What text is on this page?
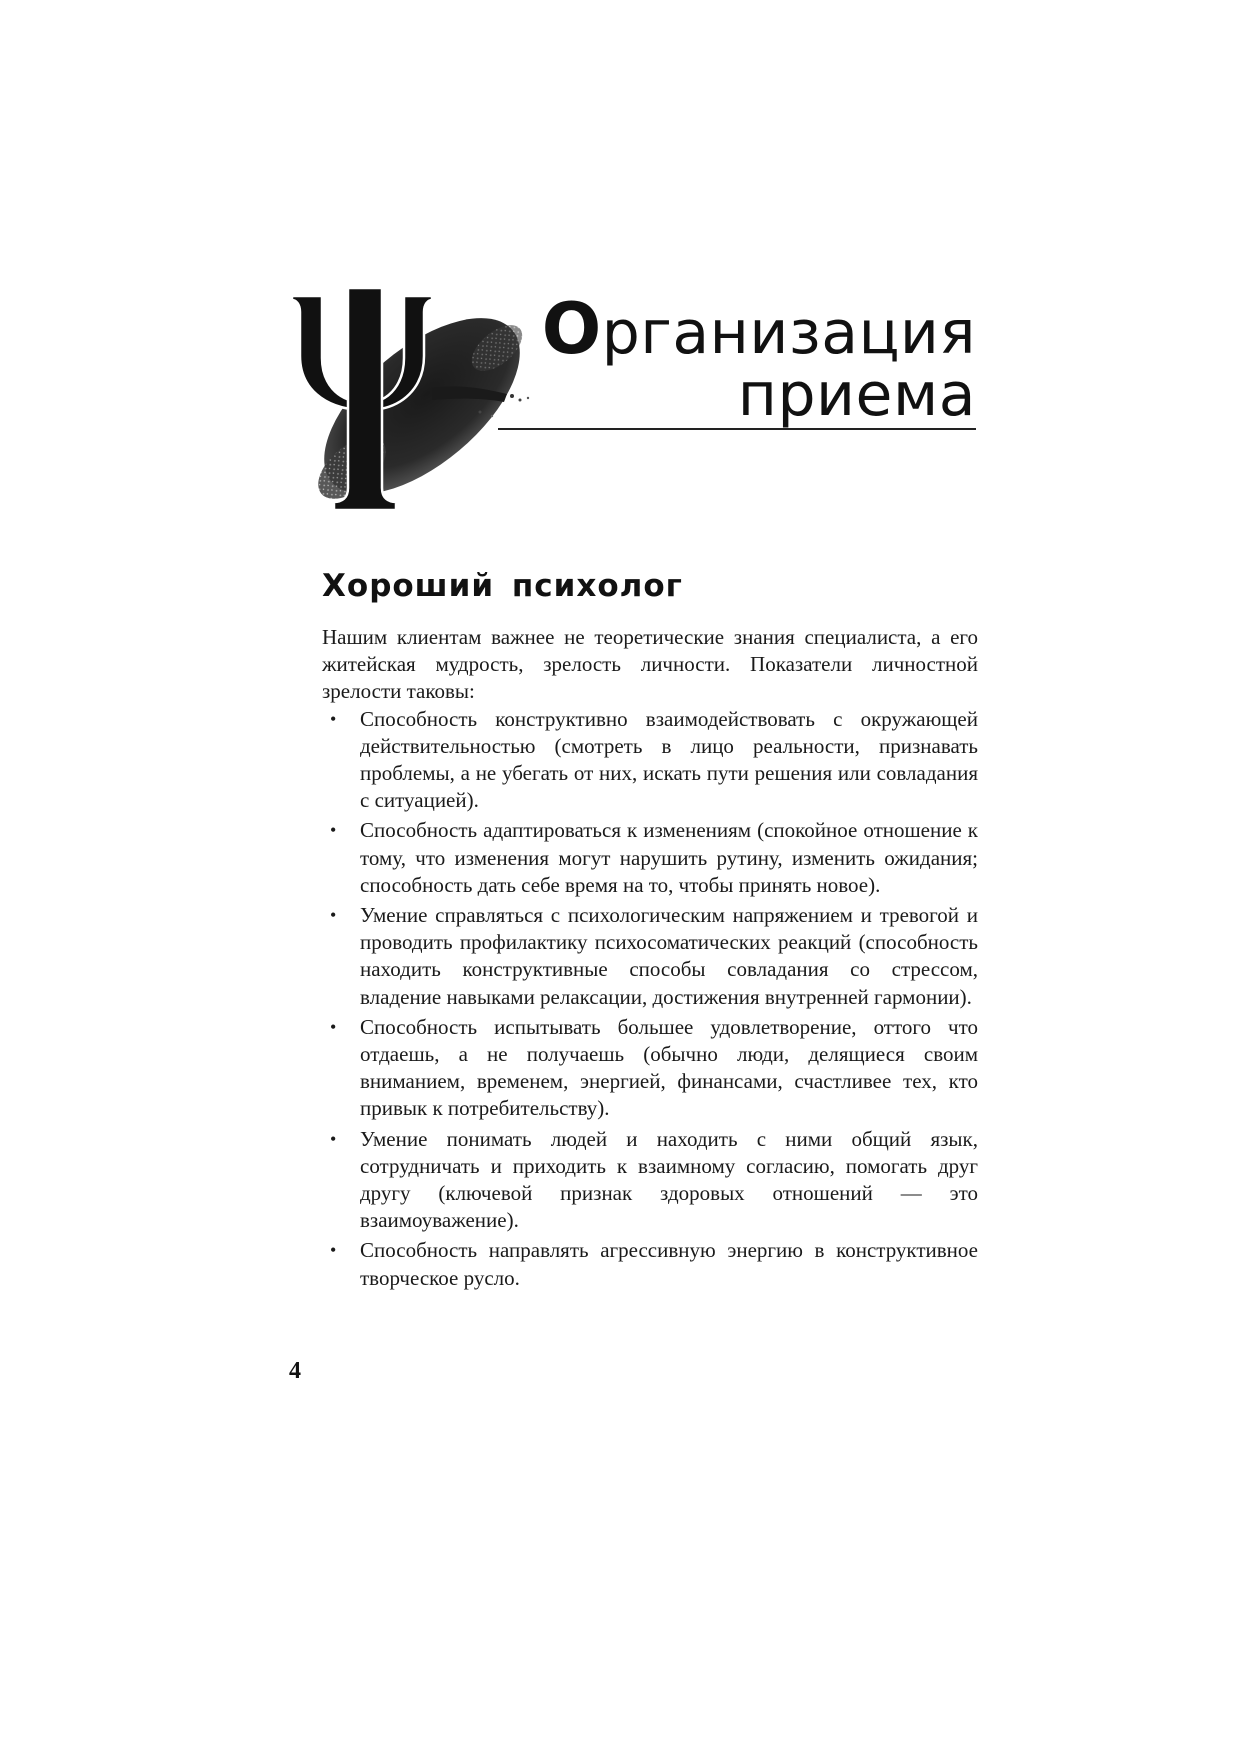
Организация
приема
Хороший психолог

Нашим клиентам важнее не теоретические знания специалиста, а его житейская мудрость, зрелость личности. Показатели личностной зрелости таковы:

• Способность конструктивно взаимодействовать с окружающей действительностью (смотреть в лицо реальности, признавать проблемы, а не убегать от них, искать пути решения или совладания с ситуацией).
• Способность адаптироваться к изменениям (спокойное отношение к тому, что изменения могут нарушить рутину, изменить ожидания; способность дать себе время на то, чтобы принять новое).
• Умение справляться с психологическим напряжением и тревогой и проводить профилактику психосоматических реакций (способность находить конструктивные способы совладания со стрессом, владение навыками релаксации, достижения внутренней гармонии).
• Способность испытывать большее удовлетворение, оттого что отдаешь, а не получаешь (обычно люди, делящиеся своим вниманием, временем, энергией, финансами, счастливее тех, кто привык к потребительству).
• Умение понимать людей и находить с ними общий язык, сотрудничать и приходить к взаимному согласию, помогать друг другу (ключевой признак здоровых отношений — это взаимоуважение).
• Способность направлять агрессивную энергию в конструктивное творческое русло.
4
